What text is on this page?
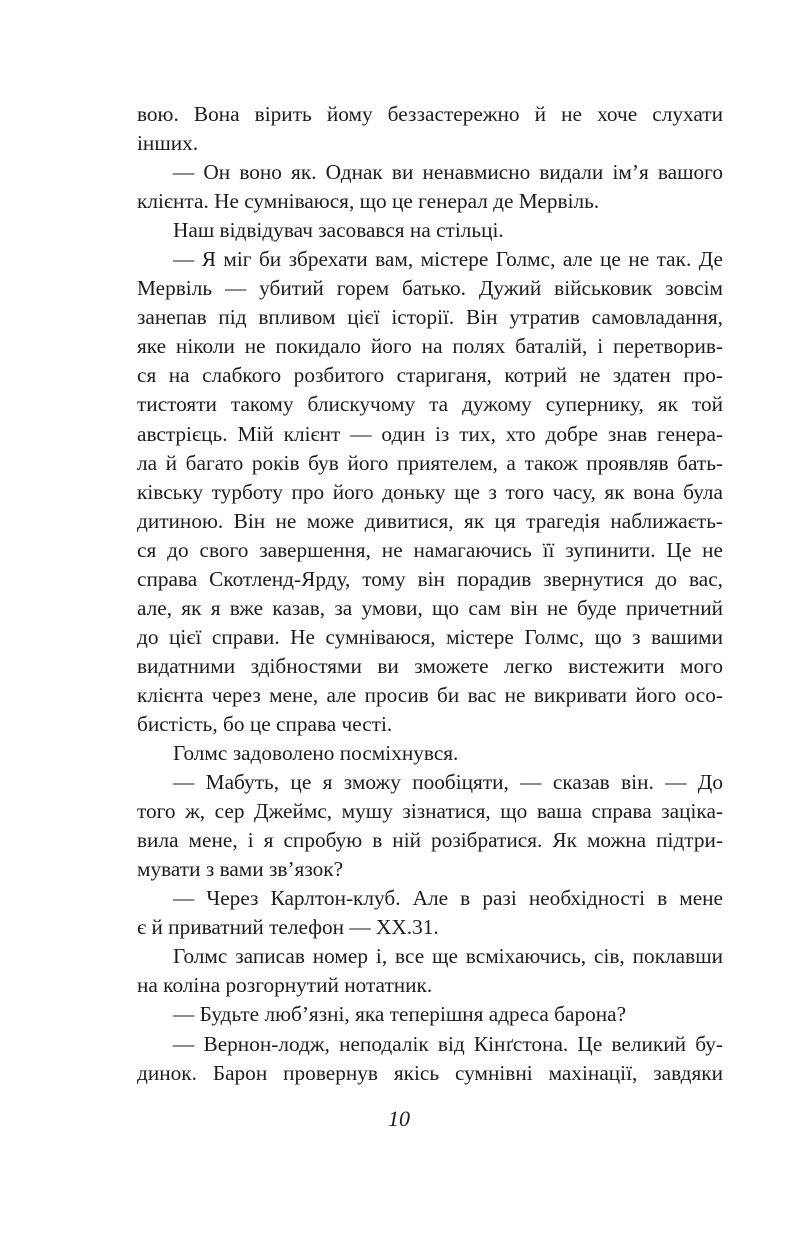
вою. Вона вірить йому беззастережно й не хоче слухати
інших.
— Он воно як. Однак ви ненавмисно видали ім’я вашого
клієнта. Не сумніваюся, що це генерал де Мервіль.
Наш відвідувач засовався на стільці.
— Я міг би збрехати вам, містере Голмс, але це не так. Де
Мервіль — убитий горем батько. Дужий військовик зовсім
занепав під впливом цієї історії. Він утратив самовладання,
яке ніколи не покидало його на полях баталій, і перетворив-
ся на слабкого розбитого стариганя, котрий не здатен про-
тистояти такому блискучому та дужому супернику, як той
австрієць. Мій клієнт — один із тих, хто добре знав генера-
ла й багато років був його приятелем, а також проявляв бать-
ківську турботу про його доньку ще з того часу, як вона була
дитиною. Він не може дивитися, як ця трагедія наближаєть-
ся до свого завершення, не намагаючись її зупинити. Це не
справа Скотленд-Ярду, тому він порадив звернутися до вас,
але, як я вже казав, за умови, що сам він не буде причетний
до цієї справи. Не сумніваюся, містере Голмс, що з вашими
видатними здібностями ви зможете легко вистежити мого
клієнта через мене, але просив би вас не викривати його осо-
бистість, бо це справа честі.
Голмс задоволено посміхнувся.
— Мабуть, це я зможу пообіцяти, — сказав він. — До
того ж, сер Джеймс, мушу зізнатися, що ваша справа заціка-
вила мене, і я спробую в ній розібратися. Як можна підтри-
мувати з вами зв’язок?
— Через Карлтон-клуб. Але в разі необхідності в мене
є й приватний телефон — XX.31.
Голмс записав номер і, все ще всміхаючись, сів, поклавши
на коліна розгорнутий нотатник.
— Будьте люб’язні, яка теперішня адреса барона?
— Вернон-лодж, неподалік від Кінґстона. Це великий бу-
динок. Барон провернув якісь сумнівні махінації, завдяки
10
